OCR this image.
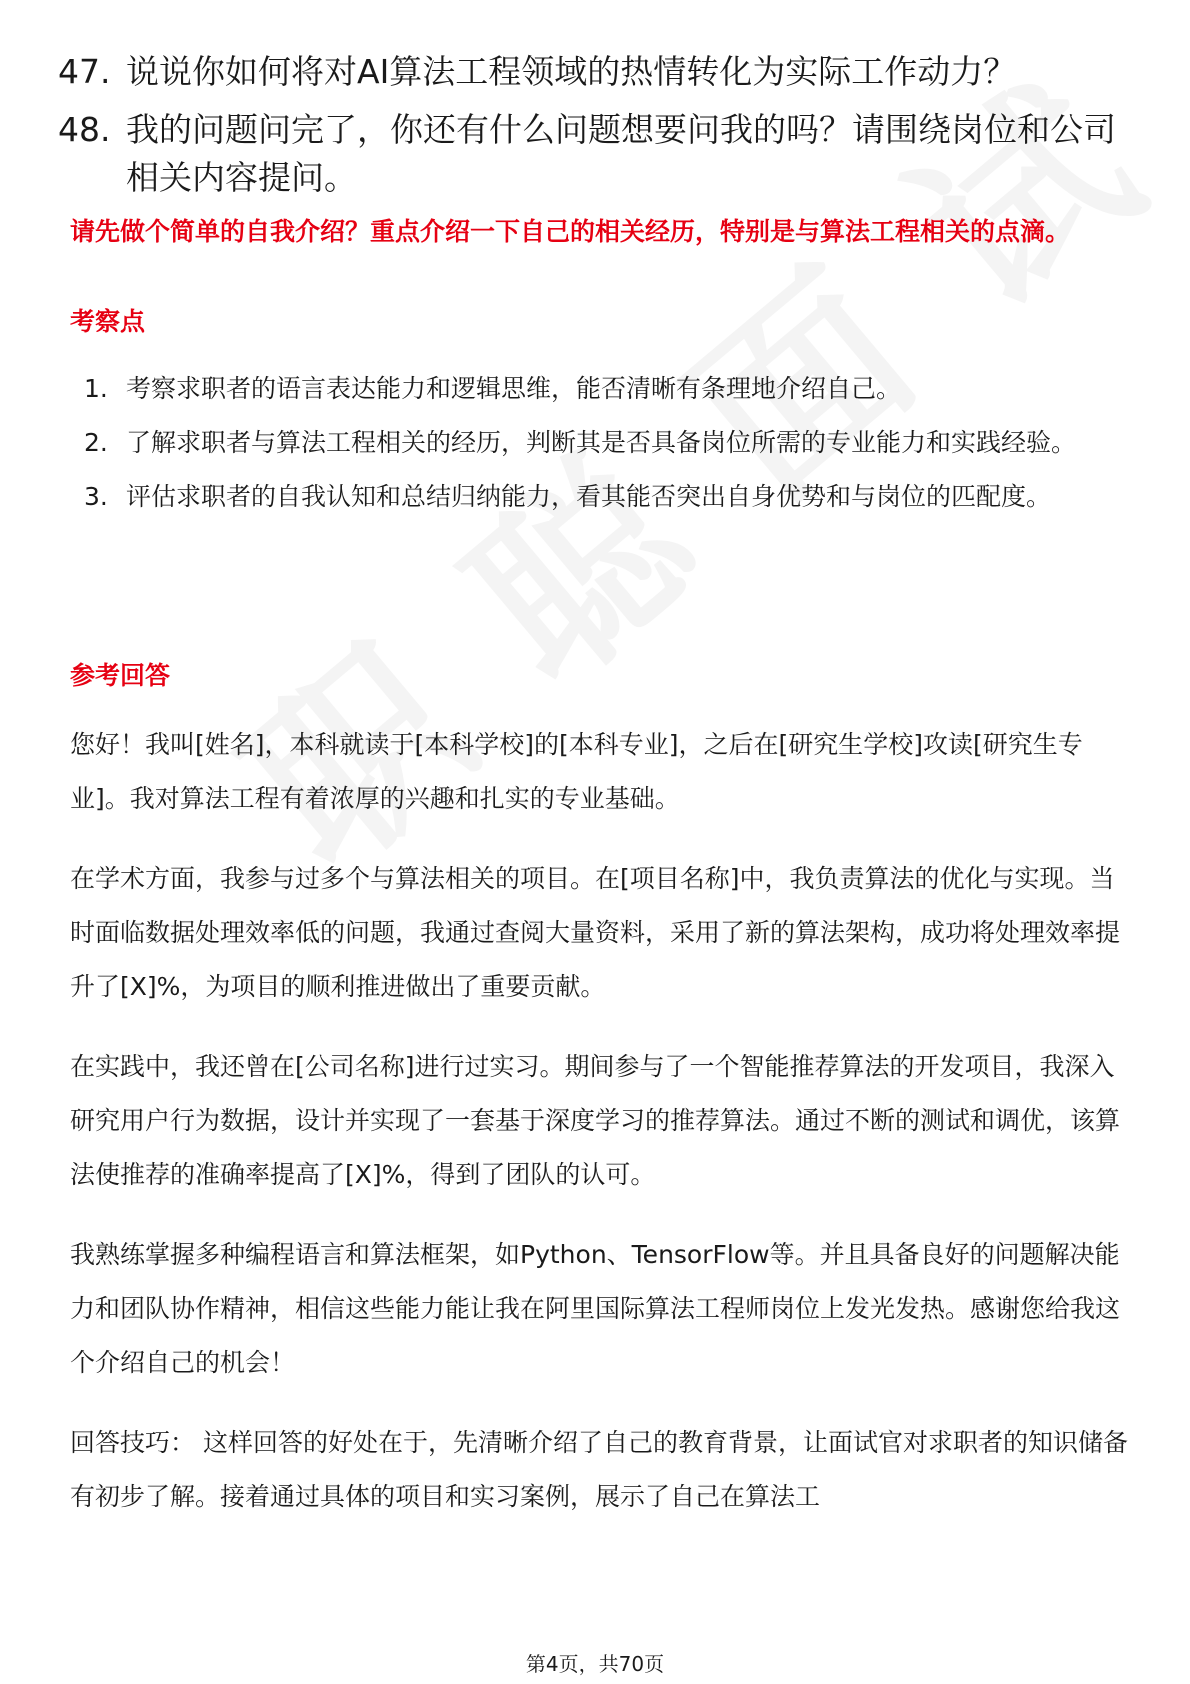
47. 说说你如何将对AI算法工程领域的热情转化为实际工作动力？
48. 我的问题问完了，你还有什么问题想要问我的吗？请围绕岗位和公司相关内容提问。
请先做个简单的自我介绍？重点介绍一下自己的相关经历，特别是与算法工程相关的点滴。
考察点
1. 考察求职者的语言表达能力和逻辑思维，能否清晰有条理地介绍自己。
2. 了解求职者与算法工程相关的经历，判断其是否具备岗位所需的专业能力和实践经验。
3. 评估求职者的自我认知和总结归纳能力，看其能否突出自身优势和与岗位的匹配度。
参考回答
您好！我叫[姓名]，本科就读于[本科学校]的[本科专业]，之后在[研究生学校]攻读[研究生专业]。我对算法工程有着浓厚的兴趣和扎实的专业基础。
在学术方面，我参与过多个与算法相关的项目。在[项目名称]中，我负责算法的优化与实现。当时面临数据处理效率低的问题，我通过查阅大量资料，采用了新的算法架构，成功将处理效率提升了[X]%，为项目的顺利推进做出了重要贡献。
在实践中，我还曾在[公司名称]进行过实习。期间参与了一个智能推荐算法的开发项目，我深入研究用户行为数据，设计并实现了一套基于深度学习的推荐算法。通过不断的测试和调优，该算法使推荐的准确率提高了[X]%，得到了团队的认可。
我熟练掌握多种编程语言和算法框架，如Python、TensorFlow等。并且具备良好的问题解决能力和团队协作精神，相信这些能力能让我在阿里国际算法工程师岗位上发光发热。感谢您给我这个介绍自己的机会！
回答技巧： 这样回答的好处在于，先清晰介绍了自己的教育背景，让面试官对求职者的知识储备有初步了解。接着通过具体的项目和实习案例，展示了自己在算法工
第4页，共70页
